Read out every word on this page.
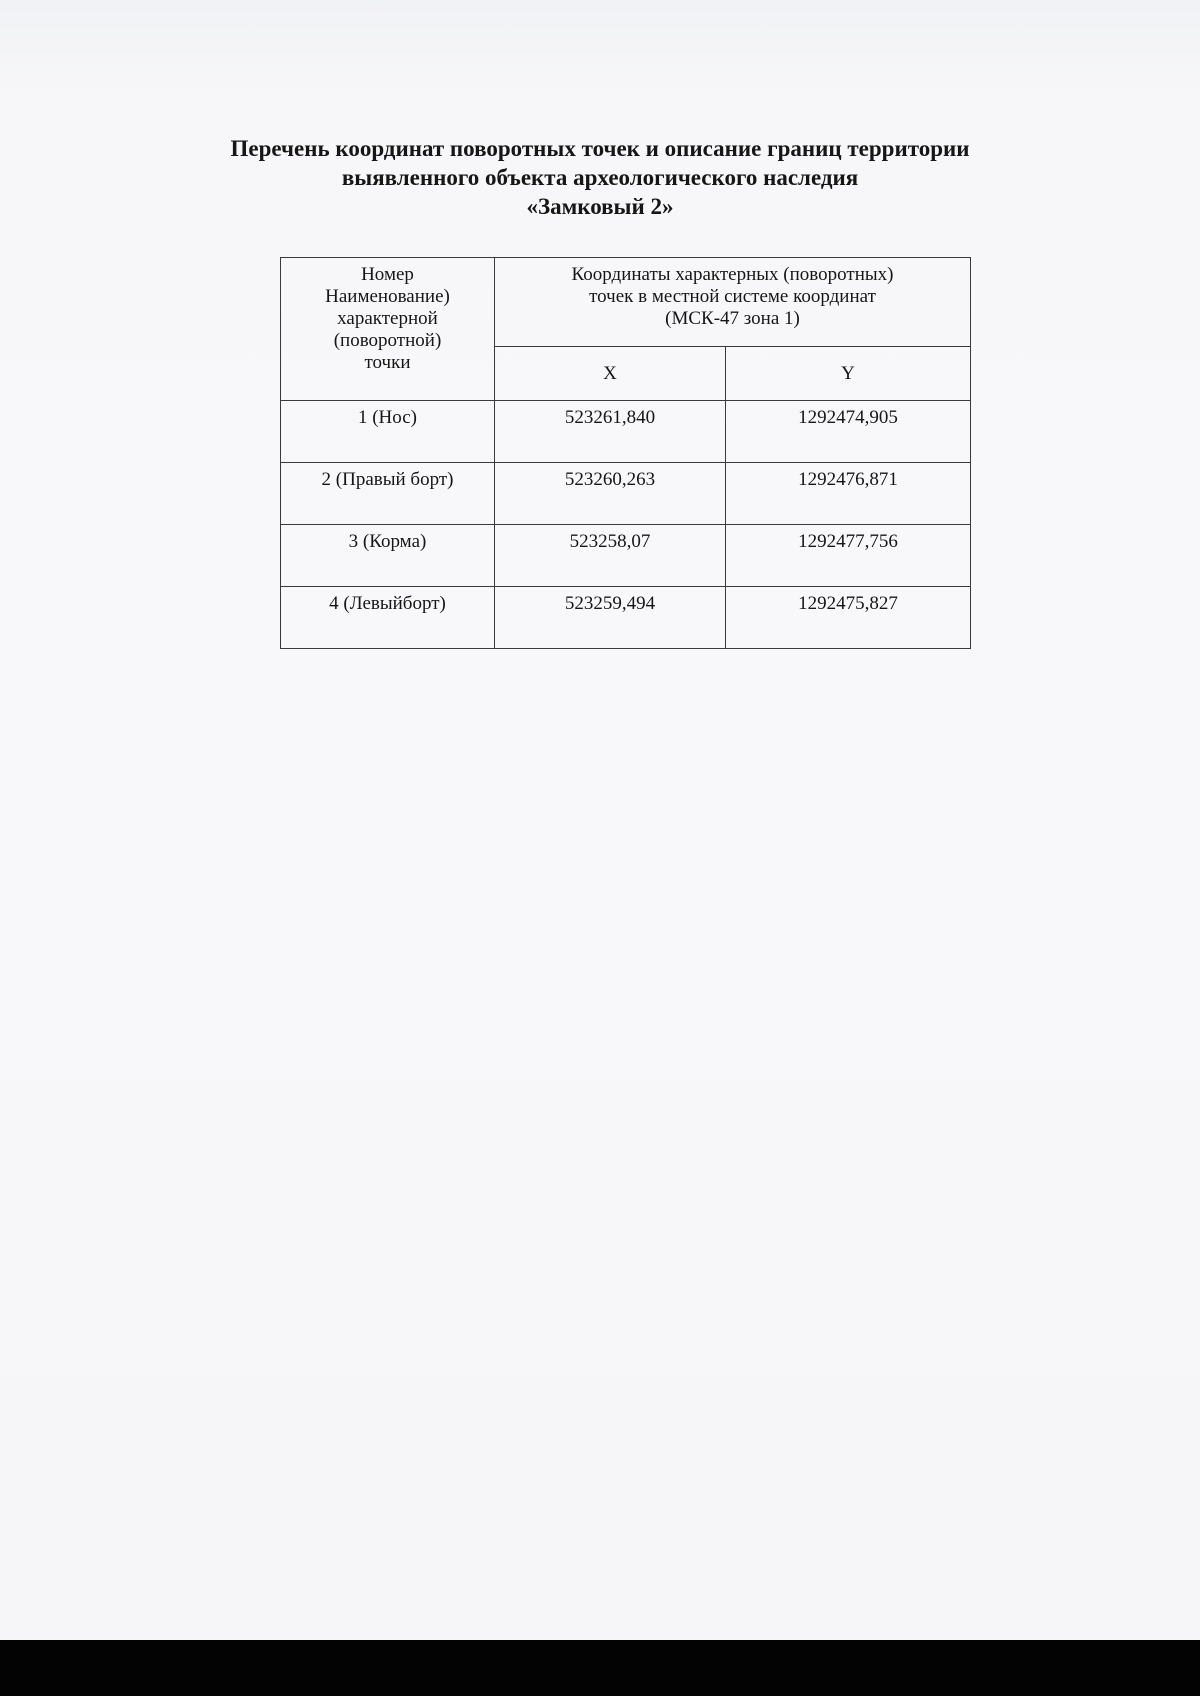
Перечень координат поворотных точек и описание границ территории
выявленного объекта археологического наследия
«Замковый 2»
Номер
Наименование)
характерной
(поворотной)
точки	Координаты характерных (поворотных)
точек в местной системе координат
(МСК-47 зона 1)	

	X	Y
1 (Нос)	523261,840	1292474,905
2 (Правый борт)	523260,263	1292476,871
3 (Корма)	523258,07	1292477,756
4 (Левыйборт)	523259,494	1292475,827
